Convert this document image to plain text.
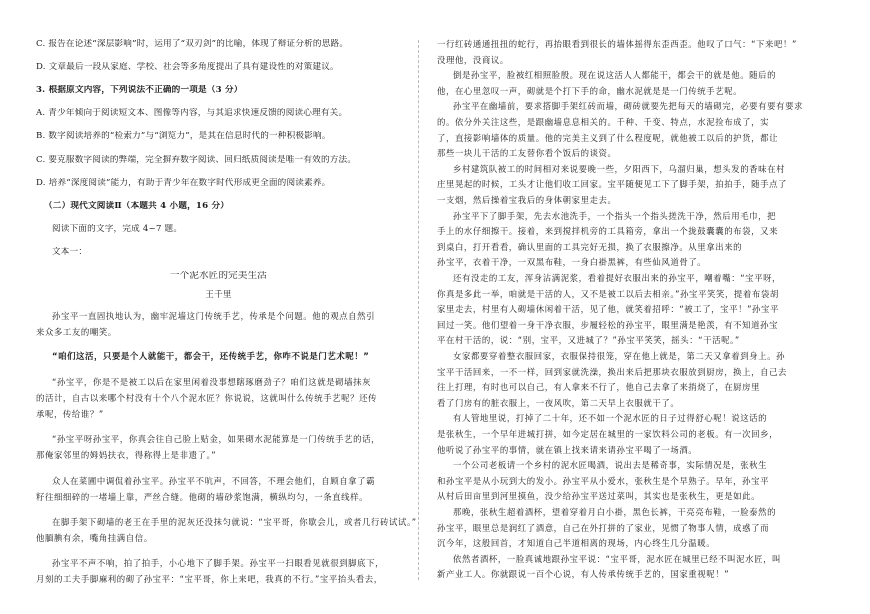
C. 报告在论述“深层影响”时，运用了“双刃剑”的比喻，体现了辩证分析的思路。
D. 文章最后一段从家庭、学校、社会等多角度提出了具有建设性的对策建议。
3. 根据原文内容，下列说法不正确的一项是（3 分）
A. 青少年倾向于阅读短文本、图像等内容，与其追求快速反馈的阅读心理有关。
B. 数字阅读培养的“检索力”与“浏览力”，是其在信息时代的一种积极影响。
C. 要克服数字阅读的弊端，完全摒弃数字阅读、回归纸质阅读是唯一有效的方法。
D. 培养“深度阅读”能力，有助于青少年在数字时代形成更全面的阅读素养。
（二）现代文阅读Ⅱ（本题共 4 小题，16 分）
阅读下面的文字，完成 4~7 题。
文本一：
一个泥水匠的完美生活
王千里
孙宝平一直固执地认为，幽牢泥墙这门传统手艺，传承是个问题。他的观点自然引
来众多工友的嘲笑。
“咱们这活，只要是个人就能干，都会干，还传统手艺，你咋不说是门艺术呢！”
“孙宝平，你是不是被工以后在家里闲着没事想瞎琢磨劲子？咱们这就是砌墙抹灰
的活计，自古以来哪个村没有十个八个泥水匠？你说说，这就叫什么传统手艺呢？还传
承呢，传给谁？”
“孙宝平呀孙宝平，你真会往自己脸上贴金，如果砌水泥能算是一门传统手艺的话，
那俺家邻里的姆妈扶衣，得称得上是非遗了。”
众人在菜圃中调侃着孙宝平。孙宝平不吭声，不回答，不理会他们，自顾自拿了霸
籽往细细碎的一堵墙上靠，严丝合缝。他砌的墙砂浆饱满，横纵均匀，一条直线样。
在脚手架下砌墙的老王在手里的泥灰还没抹匀就说：“宝平哥，你歇会儿，或者几行砖试试。”
他腼腆有余，嘴角挂满自信。
孙宝平不声不响，拍了拍手，小心地下了脚手架。孙宝平一扫眼看见就很到脚底下，
月刻的工夫手脚麻利的砌了孙宝平：“宝平哥，你上来吧，我真的不行。”宝平抬头看去，
一行红砖通通扭扭的蛇行，再抬眼看到很长的墙体摇得东歪西歪。他叹了口气：“下来吧！”
没理他，没商议。
倒是孙宝平，脸被红相照脸殷。现在说这活人人都能干，都会干的就是他。随后的
他，在心里忽叹一声，砌就是个打下手的命，幽水泥就是是一门传统手艺呢。
孙宝平在幽墙前，要求搭脚手架红砖而墙，砌砖就要先把每天的墙砌完，必要有要有要求
的。依分外关注这些，是跟幽墙息息相关的。千种、千变、特点，水泥捡布成了，实
了，直接影响墙体的质量。他的完美主义到了什么程度呢，就他被工以后的护货，都让
那些一块儿干活的工友替你看个饭后的谈资。
乡村建筑队被工的时间相对来说要晚一些，夕阳西下，乌溜归巢，想头发的香味在村
庄里晃起的时候，工头才让他们收工回家。宝平随便见工下了脚手架，拍拍手，随手点了
一支烟，然后操着宝我后的身体朝家里走去。
孙宝平下了脚手架，先去水池洗手，一个指头一个指头搓洗干净，然后用毛巾，把
手上的水仔细擦干。接着，来到搅拌机旁的工具箱旁，拿出一个拢鼓囊囊的布袋，又来
到桌白，打开看看，确认里面的工具完好无损，换了衣服擦净。从里拿出来的
孙宝平，衣着干净，一双黑布鞋，一身白褂黑裤，有些仙风道骨了。
还有没走的工友，浑身沾满泥浆，看着提好衣服出来的孙宝平，嘲着嘴：“宝平呀，
你真是多此一举，咱就是干活的人，又不是被工以后去相亲。”孙宝平笑笑，提着布袋胡
家里走去，村里有人砌墙休闲着干活，见了他，就笑着招呼：“被工了，宝平！”孙宝平
回过一笑。他们望着一身干净衣服，步履轻松的孙宝平，眼里满是艳羡，有不知道孙宝
平在村干活的，说：“别，宝平，又进城了？”孙宝平笑笑，摇头：“干活呢。”
女家都要穿着整衣服回家，衣服保持很笼，穿在他上就是，第二天又拿着到身上。孙
宝平干活回来，一不一样，回到家就洗澡，换出来后把那块衣服放到厨房，换上，自己去
往上打理，有时也可以自己，有人拿来不行了，他自己去拿了来捎烧了，在厨房里
看了门房有的脏衣服上，一夜风吹，第二天早上衣服就干了。
有人管地里说，打掉了二十年，还不如一个泥水匠的日子过得舒心呢！说这话的
是张秋生，一个早年进城打拼，如今定居在城里的一家饮料公司的老板。有一次回乡，
他听说了孙宝平的事情，就在镇上找来请来请孙宝平喝了一场酒。
一个公司老板请一个乡村的泥水匠喝酒，说出去是稀奇事，实际情况是，张秋生
和孙宝平是从小玩到大的发小。孙宝平从小爱水，张秋生是个早熟子。早年，孙宝平
从村后田亩里到河里摸鱼，没少给孙宝平送过菜叫，其实也是张秋生，更是如此。
那晚，张秋生超着酒杯，望着穿着月白小褂，黑色长裤，干亮亮布鞋，一脸泰然的
孙宝平，眼里总是润红了酒意，自己在外打拼的了家业，见惯了物事人情，成惑了而
沉今年，这般回首，才知道自己半道相离的现场，内心终生几分温暖。
依然者酒杯，一脸真诚地跟孙宝平说：“宝平哥，泥水匠在城里已经不叫泥水匠，叫
新产业工人。你就跟说一百个心说，有人传承传统手艺的，国家重视呢！”
